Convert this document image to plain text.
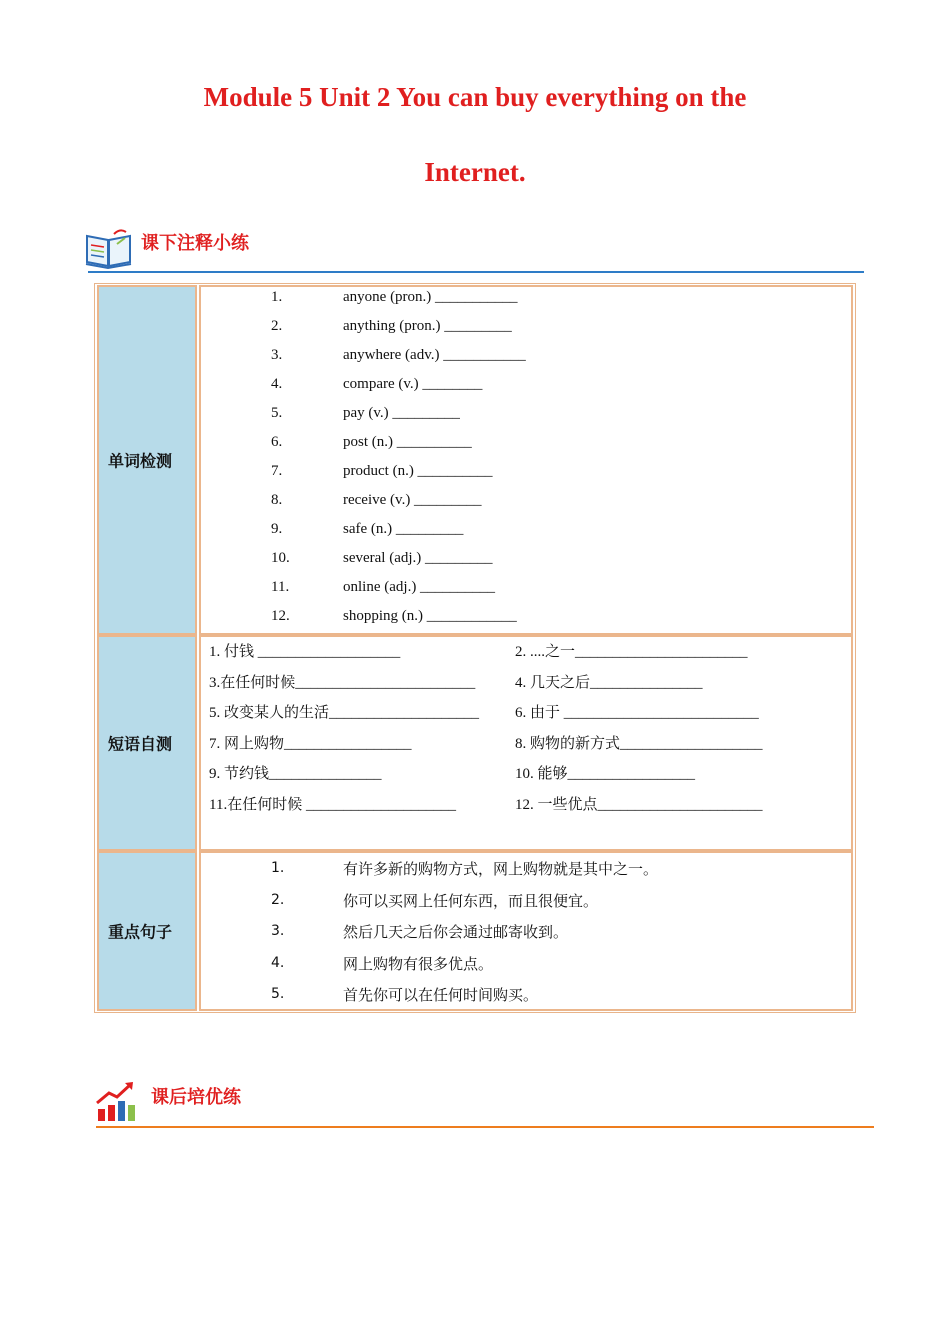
Module 5 Unit 2 You can buy everything on the
Internet.
课下注释小练
单词检测
1.	anyone (pron.) ___________
2.	anything (pron.) _________
3.	anywhere (adv.) ___________
4.	compare (v.) ________
5.	pay (v.) _________
6.	post (n.) __________
7.	product (n.) __________
8.	receive (v.) _________
9.	safe (n.) _________
10.	several (adj.) _________
11.	online (adj.) __________
12.	shopping (n.) ____________
短语自测
1. 付钱 ___________________	2. ....之一_______________________
3.在任何时候________________________	4. 几天之后_______________
5. 改变某人的生活____________________ 6. 由于 __________________________
7. 网上购物_________________	8. 购物的新方式___________________
9. 节约钱_______________	10. 能够_________________
11.在任何时候 ____________________	12. 一些优点______________________
重点句子
1.	有许多新的购物方式，网上购物就是其中之一。
2.	你可以买网上任何东西，而且很便宜。
3.	然后几天之后你会通过邮寄收到。
4.	网上购物有很多优点。
5.	首先你可以在任何时间购买。
课后培优练
